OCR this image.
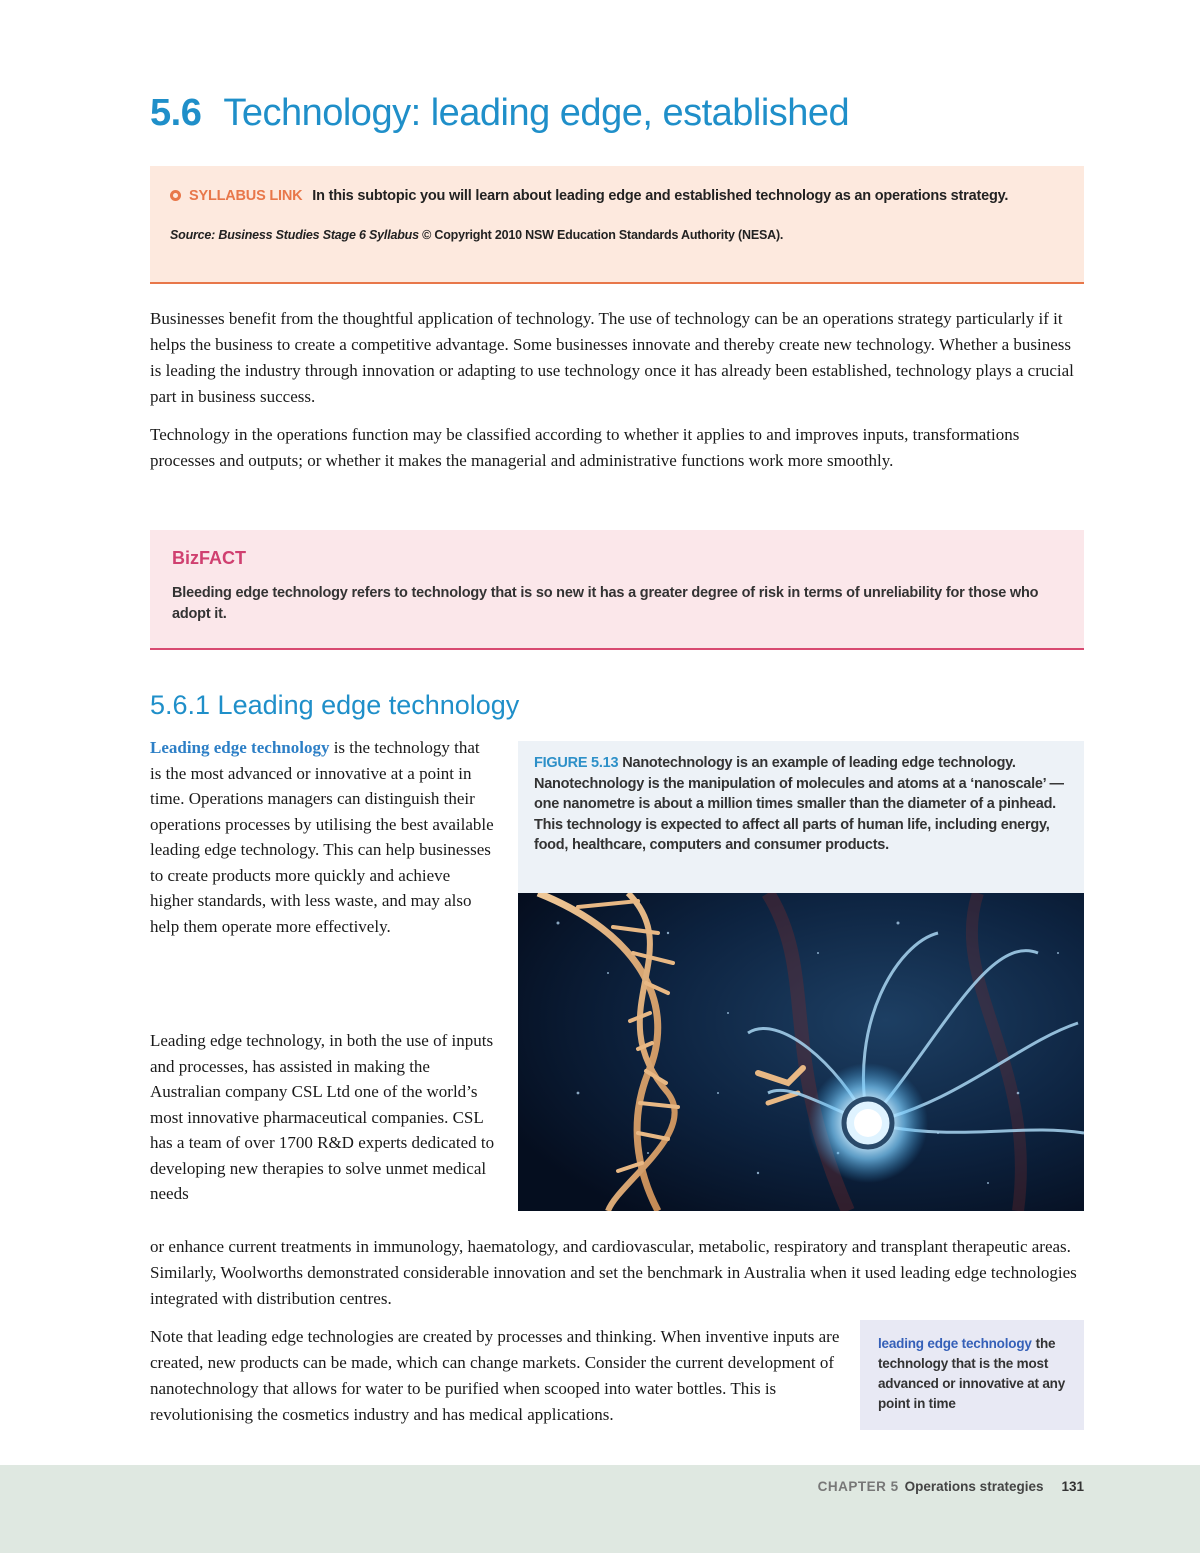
5.6 Technology: leading edge, established
SYLLABUS LINK In this subtopic you will learn about leading edge and established technology as an operations strategy.
Source: Business Studies Stage 6 Syllabus © Copyright 2010 NSW Education Standards Authority (NESA).

Businesses benefit from the thoughtful application of technology. The use of technology can be an operations strategy particularly if it helps the business to create a competitive advantage. Some businesses innovate and thereby create new technology. Whether a business is leading the industry through innovation or adapting to use technology once it has already been established, technology plays a crucial part in business success.

Technology in the operations function may be classified according to whether it applies to and improves inputs, transformations processes and outputs; or whether it makes the managerial and administrative functions work more smoothly.

BizFACT
Bleeding edge technology refers to technology that is so new it has a greater degree of risk in terms of unreliability for those who adopt it.
5.6.1 Leading edge technology

Leading edge technology is the technology that is the most advanced or innovative at a point in time. Operations managers can distinguish their operations processes by utilising the best available leading edge technology. This can help businesses to create products more quickly and achieve higher standards, with less waste, and may also help them operate more effectively.

Leading edge technology, in both the use of inputs and processes, has assisted in making the Australian company CSL Ltd one of the world’s most innovative pharmaceutical companies. CSL has a team of over 1700 R&D experts dedicated to developing new therapies to solve unmet medical needs

FIGURE 5.13 Nanotechnology is an example of leading edge technology. Nanotechnology is the manipulation of molecules and atoms at a ‘nanoscale’ — one nanometre is about a million times smaller than the diameter of a pinhead. This technology is expected to affect all parts of human life, including energy, food, healthcare, computers and consumer products.

or enhance current treatments in immunology, haematology, and cardiovascular, metabolic, respiratory and transplant therapeutic areas. Similarly, Woolworths demonstrated considerable innovation and set the benchmark in Australia when it used leading edge technologies integrated with distribution centres.

Note that leading edge technologies are created by processes and thinking. When inventive inputs are created, new products can be made, which can change markets. Consider the current development of nanotechnology that allows for water to be purified when scooped into water bottles. This is revolutionising the cosmetics industry and has medical applications.

leading edge technology the technology that is the most advanced or innovative at any point in time
CHAPTER 5 Operations strategies 131
